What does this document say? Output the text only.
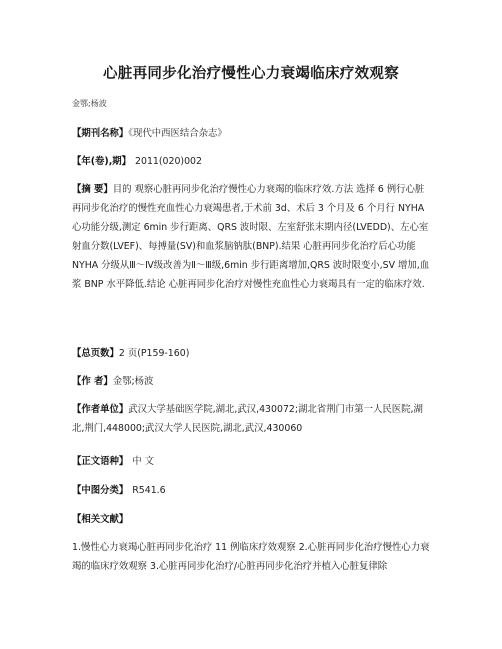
心脏再同步化治疗慢性心力衰竭临床疗效观察
金鄂;杨波
【期刊名称】《现代中西医结合杂志》
【年(卷),期】 2011(020)002
【摘 要】目的 观察心脏再同步化治疗慢性心力衰竭的临床疗效.方法 选择 6 例行心脏再同步化治疗的慢性充血性心力衰竭患者,于术前 3d、术后 3 个月及 6 个月行 NYHA 心功能分级,测定 6min 步行距离、QRS 波时限、左室舒张末期内径(LVEDD)、左心室射血分数(LVEF)、每搏量(SV)和血浆脑钠肽(BNP).结果 心脏再同步化治疗后心功能 NYHA 分级从Ⅲ～Ⅳ级改善为Ⅱ～Ⅲ级,6min 步行距离增加,QRS 波时限变小,SV 增加,血浆 BNP 水平降低.结论 心脏再同步化治疗对慢性充血性心力衰竭具有一定的临床疗效.
【总页数】2 页(P159-160)
【作 者】金鄂;杨波
【作者单位】武汉大学基础医学院,湖北,武汉,430072;湖北省荆门市第一人民医院,湖北,荆门,448000;武汉大学人民医院,湖北,武汉,430060
【正文语种】 中 文
【中图分类】 R541.6
【相关文献】
1.慢性心力衰竭心脏再同步化治疗 11 例临床疗效观察 2.心脏再同步化治疗慢性心力衰竭的临床疗效观察 3.心脏再同步化治疗/心脏再同步化治疗并植入心脏复律除
